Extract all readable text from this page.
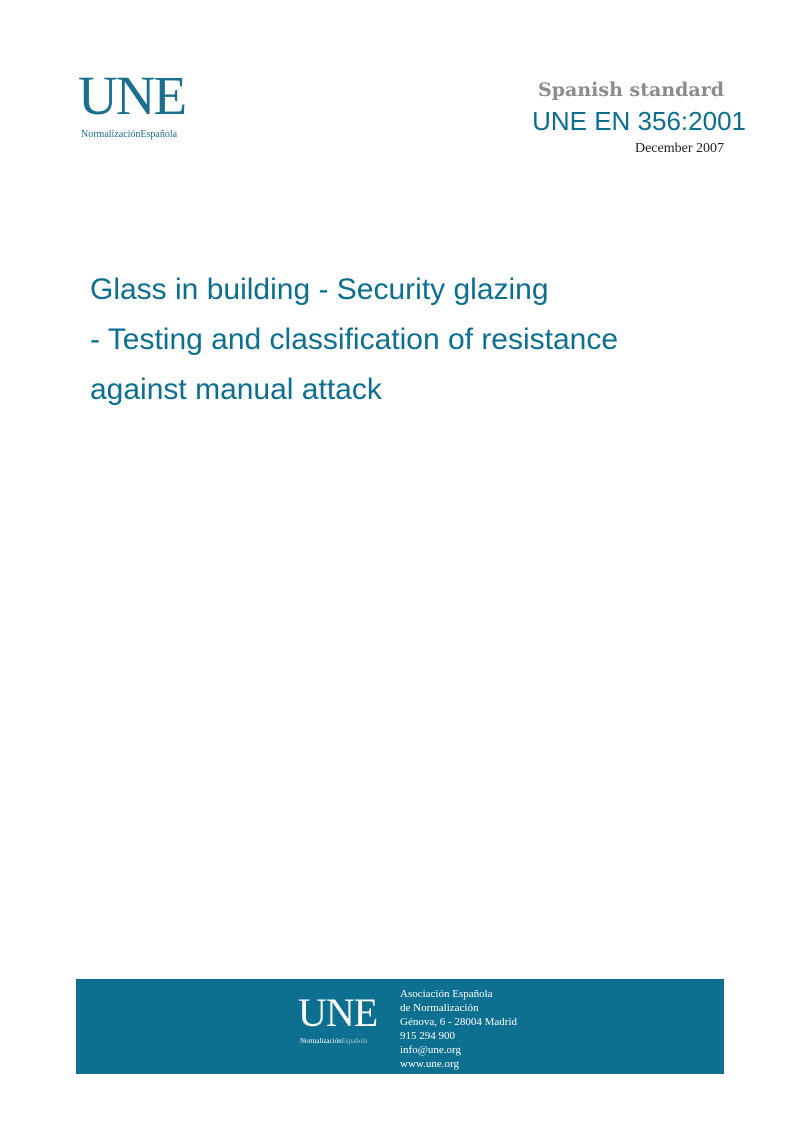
UNE
NormalizaciónEspañola
Spanish standard
UNE EN 356:2001
December 2007
Glass in building - Security glazing
- Testing and classification of resistance
against manual attack
UNE
NormalizaciónEspañola
Asociación Española
de Normalización
Génova, 6 - 28004 Madrid
915 294 900
info@une.org
www.une.org
